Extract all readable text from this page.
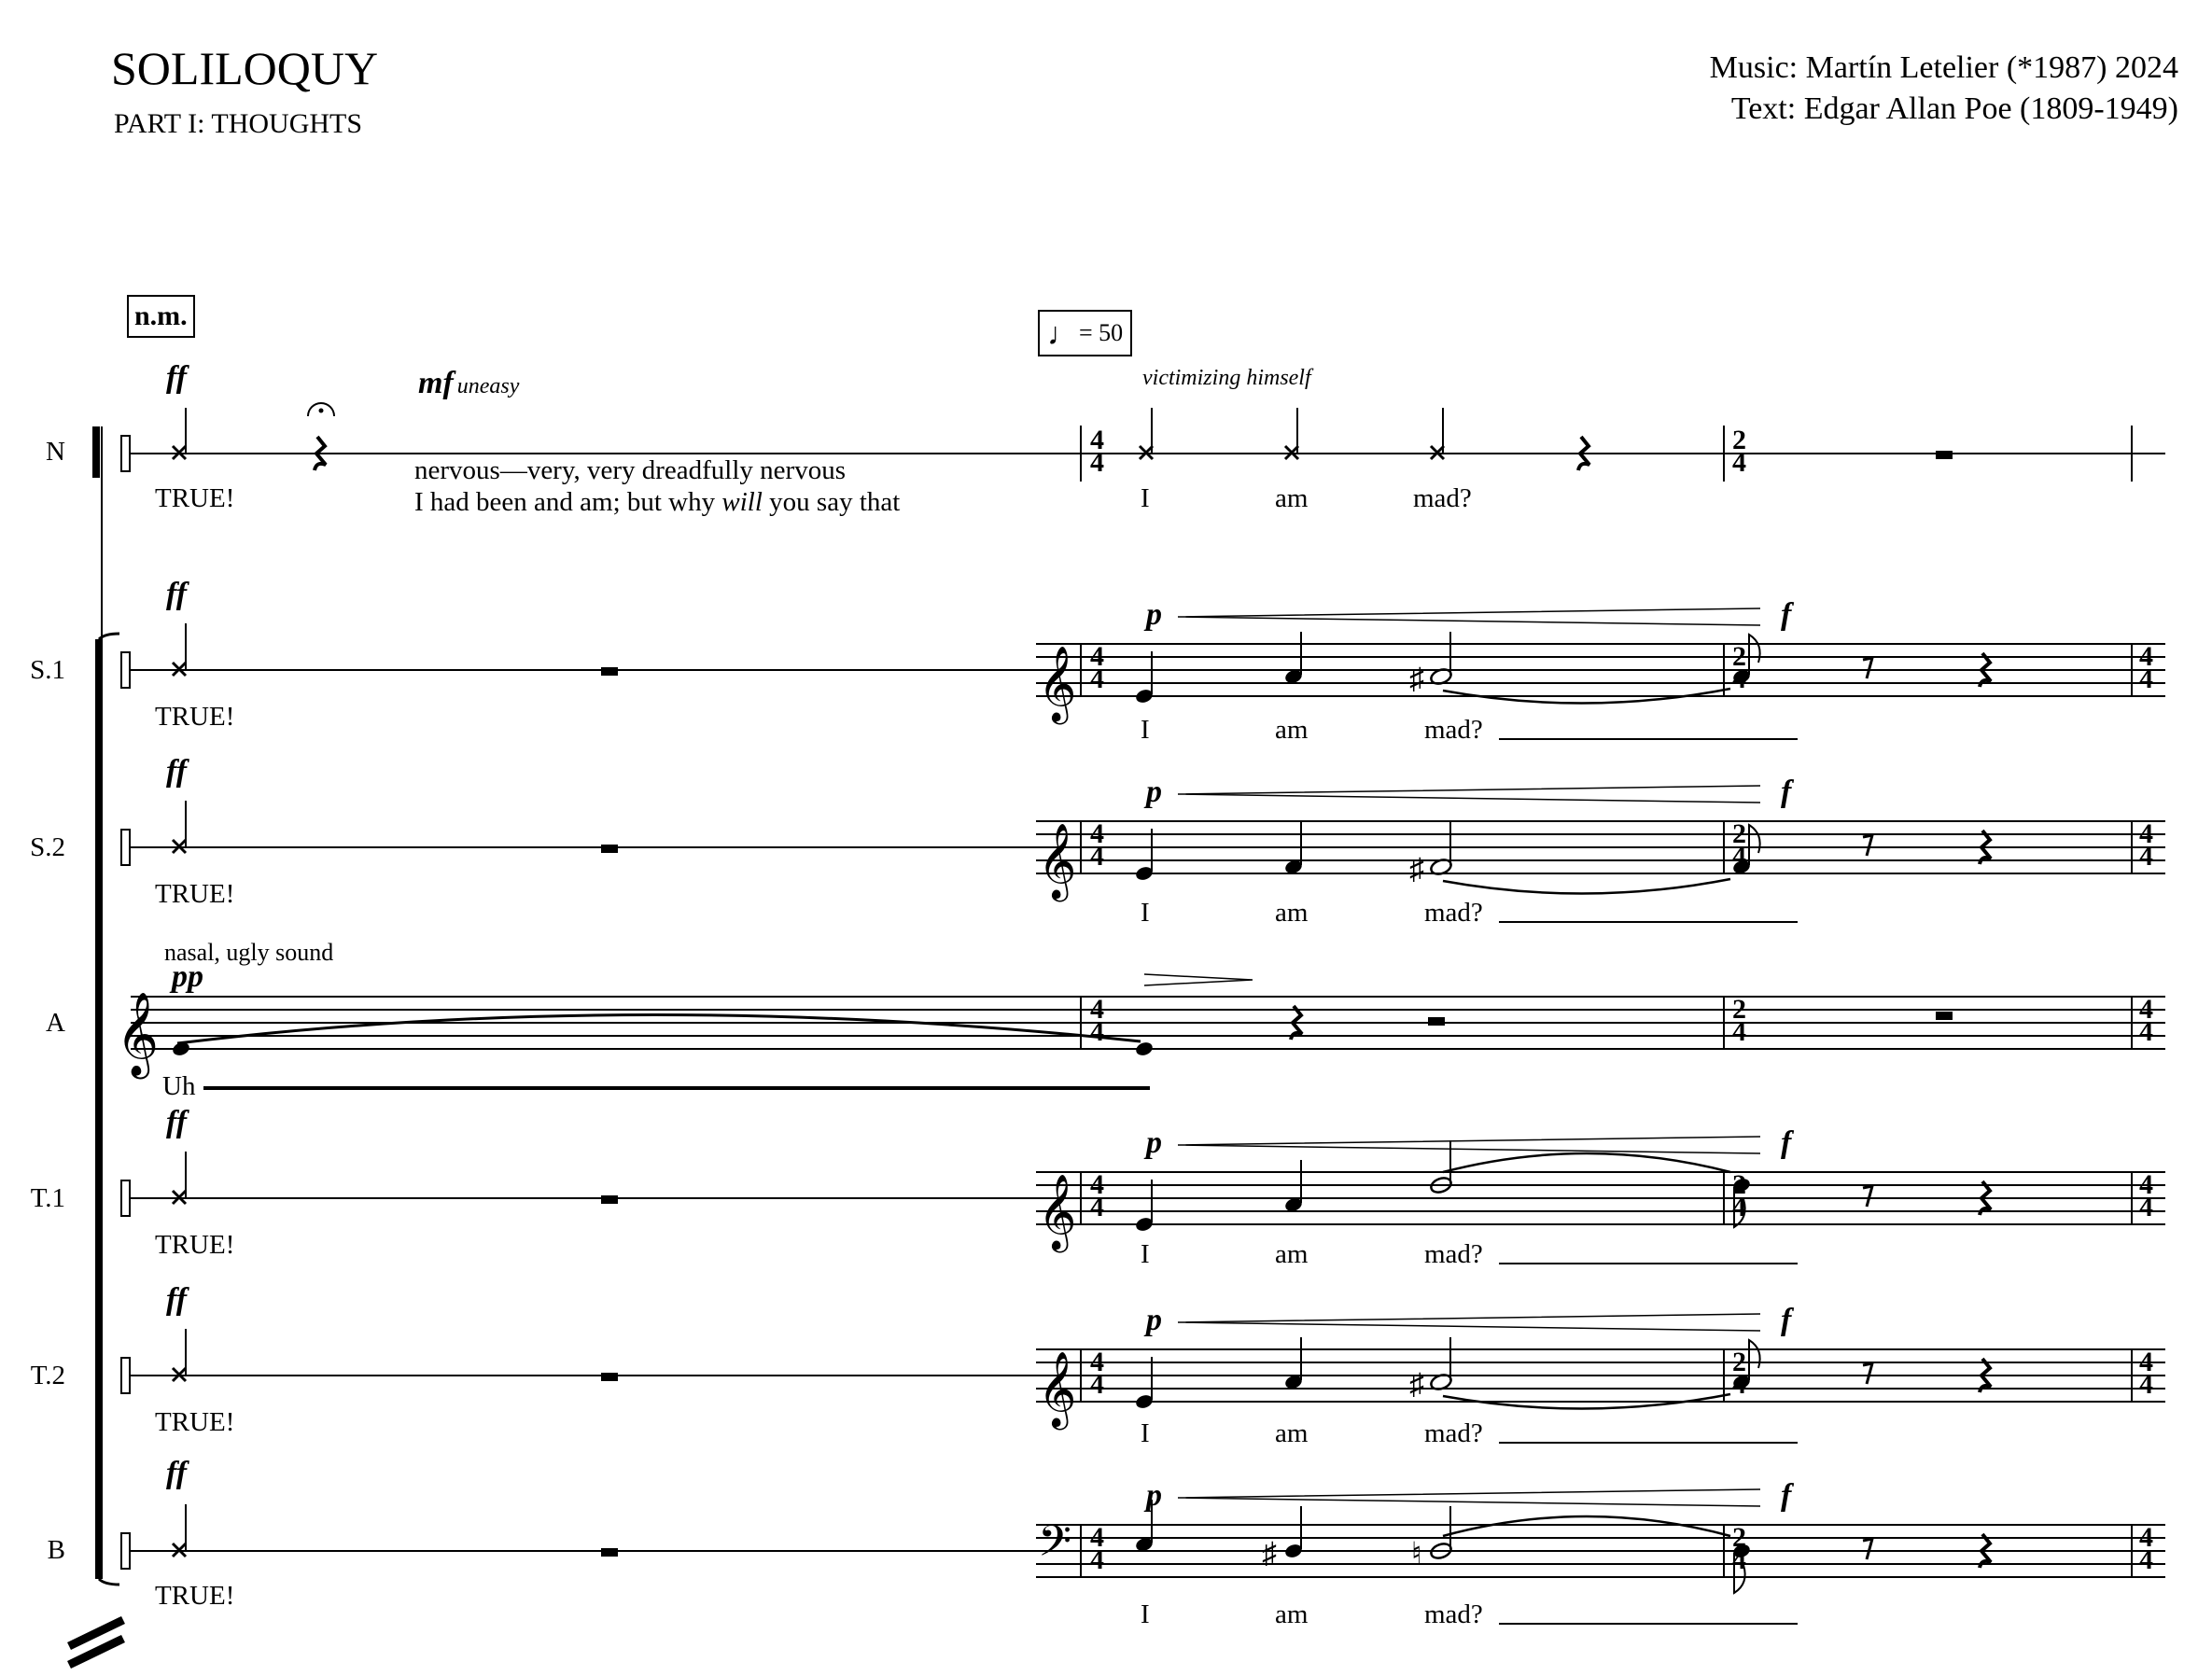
SOLILOQUY
PART I: THOUGHTS
Music: Martín Letelier (*1987) 2024
Text: Edgar Allan Poe (1809-1949)
n.m.
♩= 50
N
S.1
S.2
A
T.1
T.2
B
𝄞	♯
𝄞	♯
𝄞
𝄞
𝄞	♯
𝄢	♯	♮
4
4
2
4
4
4
2
4
4
4
4
4
2
4
4
4
4
4
2
4
4
4
4
4
2
4
4
4
4
4
2
4
4
4
4
4
2
4
4
4
ff
TRUE!
mf uneasy
nervous—very, very dreadfully nervous
I had been and am; but why will you say that
victimizing himself
I	am	mad?
ff
TRUE!
p	f
I	am	mad?
ff
TRUE!
p	f
I	am	mad?
nasal, ugly sound
pp
Uh
ff
TRUE!
p	f
I	am	mad?
ff
TRUE!
p	f
I	am	mad?
ff
TRUE!
p	f
I	am	mad?
